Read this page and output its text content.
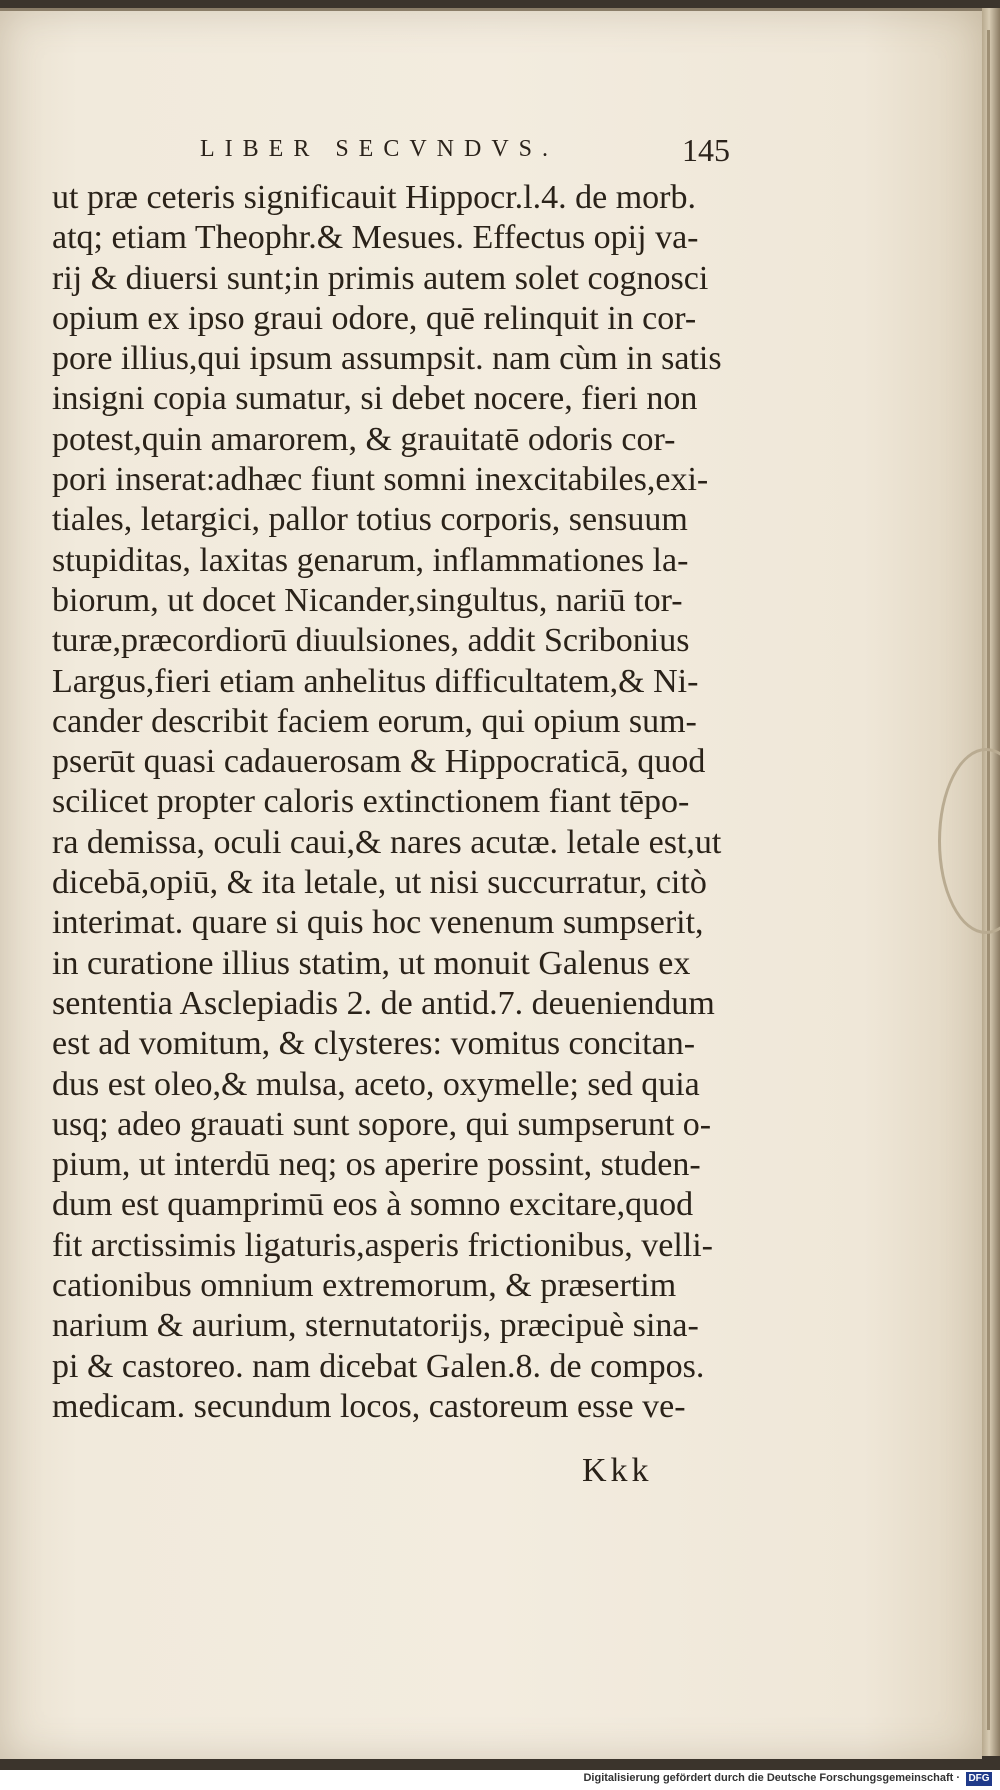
LIBER SECVNDVS.	145
ut præ ceteris significauit Hippocr.l.4. de morb.
atq; etiam Theophr.& Mesues. Effectus opij va-
rij & diuersi sunt;in primis autem solet cognosci
opium ex ipso graui odore, quē relinquit in cor-
pore illius,qui ipsum assumpsit. nam cùm in satis
insigni copia sumatur, si debet nocere, fieri non
potest,quin amarorem, & grauitatē odoris cor-
pori inserat:adhæc fiunt somni inexcitabiles,exi-
tiales, letargici, pallor totius corporis, sensuum
stupiditas, laxitas genarum, inflammationes la-
biorum, ut docet Nicander,singultus, nariū tor-
turæ,præcordiorū diuulsiones, addit Scribonius
Largus,fieri etiam anhelitus difficultatem,& Ni-
cander describit faciem eorum, qui opium sum-
pserūt quasi cadauerosam & Hippocraticā, quod
scilicet propter caloris extinctionem fiant tēpo-
ra demissa, oculi caui,& nares acutæ. letale est,ut
dicebā,opiū, & ita letale, ut nisi succurratur, citò
interimat. quare si quis hoc venenum sumpserit,
in curatione illius statim, ut monuit Galenus ex
sententia Asclepiadis 2. de antid.7. deueniendum
est ad vomitum, & clysteres: vomitus concitan-
dus est oleo,& mulsa, aceto, oxymelle; sed quia
usq; adeo grauati sunt sopore, qui sumpserunt o-
pium, ut interdū neq; os aperire possint, studen-
dum est quamprimū eos à somno excitare,quod
fit arctissimis ligaturis,asperis frictionibus, velli-
cationibus omnium extremorum, & præsertim
narium & aurium, sternutatorijs, præcipuè sina-
pi & castoreo. nam dicebat Galen.8. de compos.
medicam. secundum locos, castoreum esse ve-
Kkk
Digitalisierung gefördert durch die Deutsche Forschungsgemeinschaft · DFG
